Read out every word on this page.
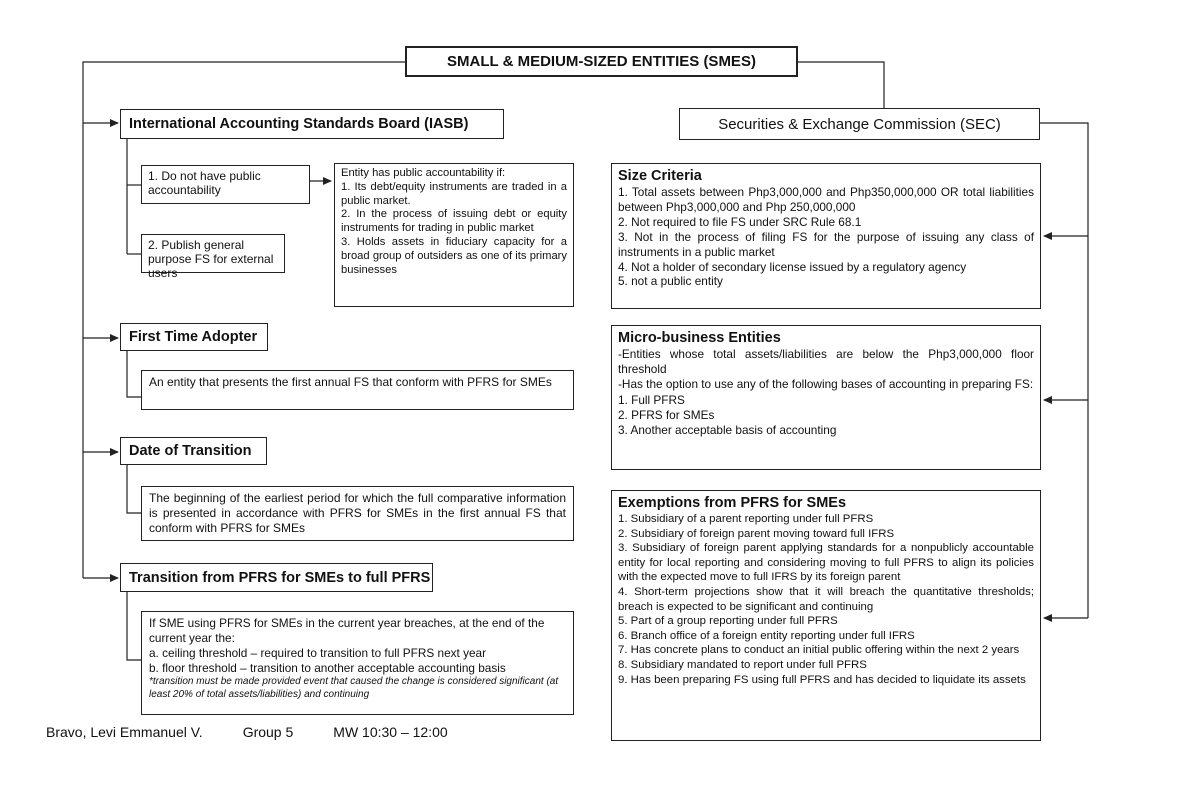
SMALL & MEDIUM-SIZED ENTITIES (SMES)
International Accounting Standards Board (IASB)
1. Do not have public accountability
2. Publish general purpose FS for external users

Entity has public accountability if:

1. Its debt/equity instruments are traded in a public market.

2. In the process of issuing debt or equity instruments for trading in public market

3. Holds assets in fiduciary capacity for a broad group of outsiders as one of its primary businesses

First Time Adopter
An entity that presents the first annual FS that conform with PFRS for SMEs
Date of Transition
The beginning of the earliest period for which the full comparative information is presented in accordance with PFRS for SMEs in the first annual FS that conform with PFRS for SMEs
Transition from PFRS for SMEs to full PFRS

If SME using PFRS for SMEs in the current year breaches, at the end of the current year the:

a. ceiling threshold – required to transition to full PFRS next year

b. floor threshold – transition to another acceptable accounting basis

*transition must be made provided event that caused the change is considered significant (at least 20% of total assets/liabilities) and continuing

Securities & Exchange Commission (SEC)

Size Criteria

1. Total assets between Php3,000,000 and Php350,000,000 OR total liabilities between Php3,000,000 and Php 250,000,000

2. Not required to file FS under SRC Rule 68.1

3. Not in the process of filing FS for the purpose of issuing any class of instruments in a public market

4. Not a holder of secondary license issued by a regulatory agency

5. not a public entity

Micro-business Entities

-Entities whose total assets/liabilities are below the Php3,000,000 floor threshold

-Has the option to use any of the following bases of accounting in preparing FS:

1. Full PFRS

2. PFRS for SMEs

3. Another acceptable basis of accounting

Exemptions from PFRS for SMEs

1. Subsidiary of a parent reporting under full PFRS

2. Subsidiary of foreign parent moving toward full IFRS

3. Subsidiary of foreign parent applying standards for a nonpublicly accountable entity for local reporting and considering moving to full PFRS to align its policies with the expected move to full IFRS by its foreign parent

4. Short-term projections show that it will breach the quantitative thresholds; breach is expected to be significant and continuing

5. Part of a group reporting under full PFRS

6. Branch office of a foreign entity reporting under full IFRS

7. Has concrete plans to conduct an initial public offering within the next 2 years

8. Subsidiary mandated to report under full PFRS

9. Has been preparing FS using full PFRS and has decided to liquidate its assets

Bravo, Levi Emmanuel V.	Group 5	MW 10:30 – 12:00
